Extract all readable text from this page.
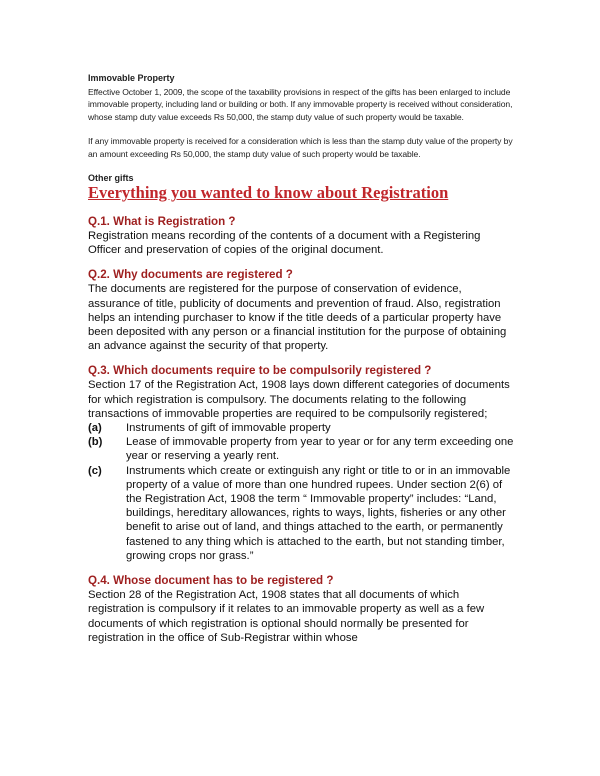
Immovable Property

Effective October 1, 2009, the scope of the taxability provisions in respect of the gifts has been enlarged to include immovable property, including land or building or both. If any immovable property is received without consideration, whose stamp duty value exceeds Rs 50,000, the stamp duty value of such property would be taxable.

If any immovable property is received for a consideration which is less than the stamp duty value of the property by an amount exceeding Rs 50,000, the stamp duty value of such property would be taxable.

Other gifts

Everything you wanted to know about Registration

Q.1. What is Registration ?

Registration means recording of the contents of a document with a Registering Officer and preservation of copies of the original document.

Q.2. Why documents are registered ?

The documents are registered for the purpose of conservation of evidence, assurance of title, publicity of documents and prevention of fraud. Also, registration helps an intending purchaser to know if the title deeds of a particular property have been deposited with any person or a financial institution for the purpose of obtaining an advance against the security of that property.

Q.3. Which documents require to be compulsorily registered ?

Section 17 of the Registration Act, 1908 lays down different categories of documents for which registration is compulsory. The documents relating to the following transactions of immovable properties are required to be compulsorily registered;

(a)	Instruments of gift of immovable property
(b)	Lease of immovable property from year to year or for any term exceeding one year or reserving a yearly rent.
(c)	Instruments which create or extinguish any right or title to or in an immovable property of a value of more than one hundred rupees. Under section 2(6) of the Registration Act, 1908 the term “ Immovable property” includes: “Land, buildings, hereditary allowances, rights to ways, lights, fisheries or any other benefit to arise out of land, and things attached to the earth, or permanently fastened to any thing which is attached to the earth, but not standing timber, growing crops nor grass.”

Q.4. Whose document has to be registered ?

Section 28 of the Registration Act, 1908 states that all documents of which registration is compulsory if it relates to an immovable property as well as a few documents of which registration is optional should normally be presented for registration in the office of Sub-Registrar within whose
